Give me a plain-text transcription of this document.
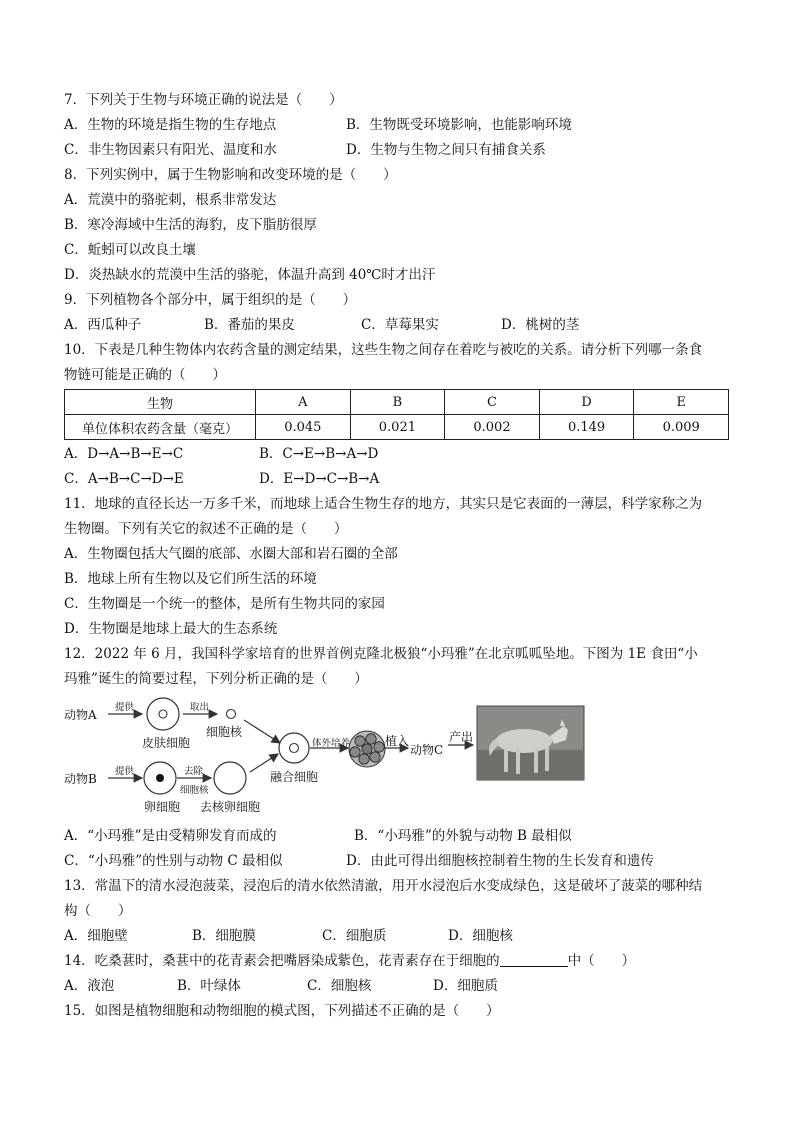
7．下列关于生物与环境正确的说法是（　　）
A．生物的环境是指生物的生存地点	B．生物既受环境影响，也能影响环境
C．非生物因素只有阳光、温度和水	D．生物与生物之间只有捕食关系
8．下列实例中，属于生物影响和改变环境的是（　　）
A．荒漠中的骆驼刺，根系非常发达
B．寒冷海域中生活的海豹，皮下脂肪很厚
C．蚯蚓可以改良土壤
D．炎热缺水的荒漠中生活的骆驼，体温升高到 40℃时才出汗
9．下列植物各个部分中，属于组织的是（　　）
A．西瓜种子	B．番茄的果皮	C．草莓果实	D．桃树的茎
10．下表是几种生物体内农药含量的测定结果，这些生物之间存在着吃与被吃的关系。请分析下列哪一条食
物链可能是正确的（　　）
生物	A	B	C	D	E
单位体积农药含量（毫克）	0.045	0.021	0.002	0.149	0.009
A．D→A→B→E→C	B．C→E→B→A→D
C．A→B→C→D→E	D．E→D→C→B→A
11．地球的直径长达一万多千米，而地球上适合生物生存的地方，其实只是它表面的一薄层，科学家称之为
生物圈。下列有关它的叙述不正确的是（　　）
A．生物圈包括大气圈的底部、水圈大部和岩石圈的全部
B．地球上所有生物以及它们所生活的环境
C．生物圈是一个统一的整体，是所有生物共同的家园
D．生物圈是地球上最大的生态系统
12．2022 年 6 月，我国科学家培育的世界首例克隆北极狼“小玛雅”在北京呱呱坠地。下图为 1E 食田“小
玛雅”诞生的简要过程，下列分析正确的是（　　）
动物A
提供	取出
皮肤细胞
细胞核
动物B
提供	去除
细胞核
卵细胞 去核卵细胞
融合细胞
体外培养	植入
动物C
产出
A．“小玛雅”是由受精卵发育而成的	B．“小玛雅”的外貌与动物 B 最相似
C．“小玛雅”的性别与动物 C 最相似	D．由此可得出细胞核控制着生物的生长发育和遗传
13．常温下的清水浸泡菠菜，浸泡后的清水依然清澈，用开水浸泡后水变成绿色，这是破坏了菠菜的哪种结
构（　　）
A．细胞壁	B．细胞膜	C．细胞质	D．细胞核
14．吃桑葚时，桑葚中的花青素会把嘴唇染成紫色，花青素存在于细胞的	中（　　）
A．液泡	B．叶绿体	C．细胞核	D．细胞质
15．如图是植物细胞和动物细胞的模式图，下列描述不正确的是（　　）
